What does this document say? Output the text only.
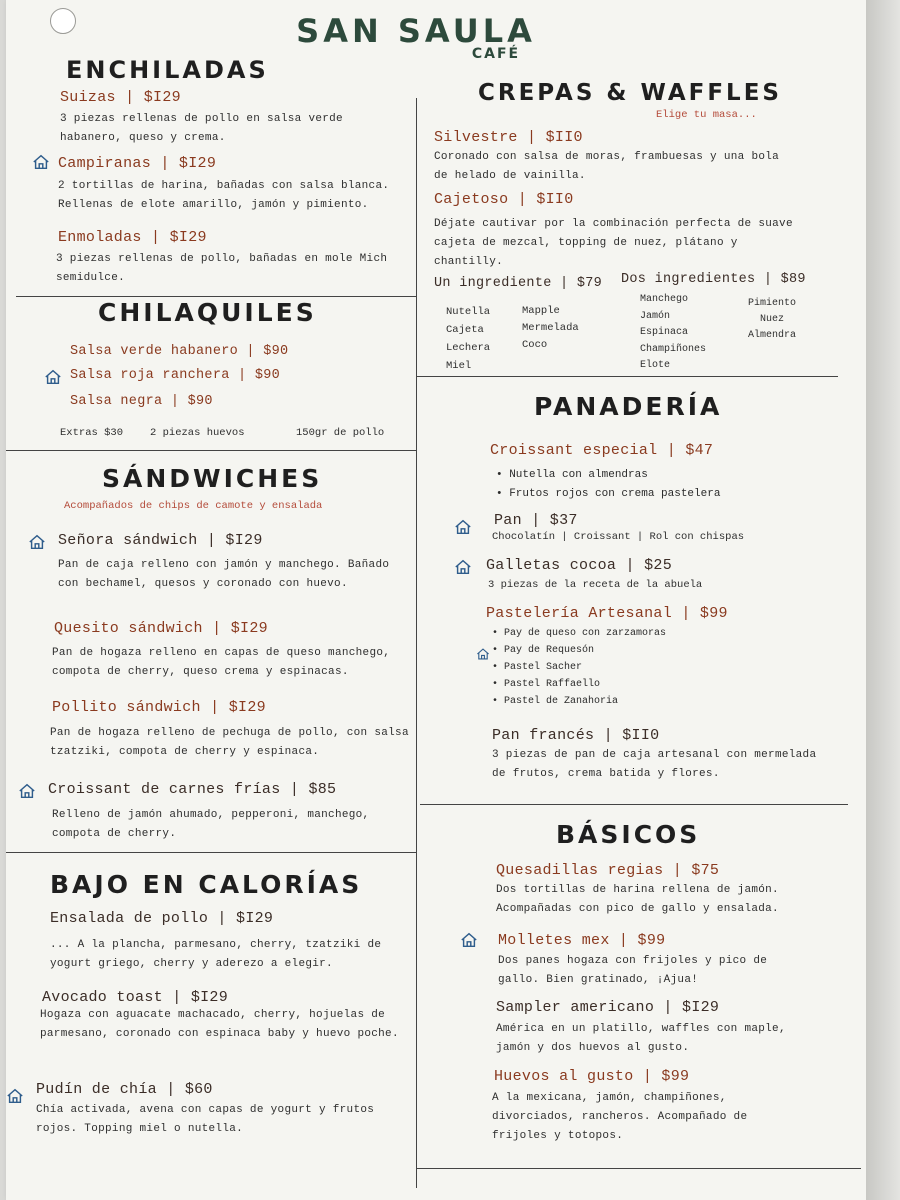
SAN SAULA
CAFÉ
ENCHILADAS
Suizas | $I29
3 piezas rellenas de pollo en salsa verde habanero, queso y crema.
Campiranas | $I29
2 tortillas de harina, bañadas con salsa blanca. Rellenas de elote amarillo, jamón y pimiento.
Enmoladas | $I29
3 piezas rellenas de pollo, bañadas en mole Mich semidulce.
CHILAQUILES
Salsa verde habanero | $90
Salsa roja ranchera | $90
Salsa negra | $90
Extras $30	2 piezas huevos	150gr de pollo
SÁNDWICHES
Acompañados de chips de camote y ensalada
Señora sándwich | $I29
Pan de caja relleno con jamón y manchego. Bañado con bechamel, quesos y coronado con huevo.
Quesito sándwich | $I29
Pan de hogaza relleno en capas de queso manchego, compota de cherry, queso crema y espinacas.
Pollito sándwich | $I29
Pan de hogaza relleno de pechuga de pollo, con salsa tzatziki, compota de cherry y espinaca.
Croissant de carnes frías | $85
Relleno de jamón ahumado, pepperoni, manchego, compota de cherry.
BAJO EN CALORÍAS
Ensalada de pollo | $I29
... A la plancha, parmesano, cherry, tzatziki de yogurt griego, cherry y aderezo a elegir.
Avocado toast | $I29
Hogaza con aguacate machacado, cherry, hojuelas de parmesano, coronado con espinaca baby y huevo poche.
Pudín de chía | $60
Chía activada, avena con capas de yogurt y frutos rojos. Topping miel o nutella.
CREPAS & WAFFLES
Elige tu masa...
Silvestre | $II0
Coronado con salsa de moras, frambuesas y una bola de helado de vainilla.
Cajetoso | $II0
Déjate cautivar por la combinación perfecta de suave cajeta de mezcal, topping de nuez, plátano y chantilly.
Un ingrediente | $79 Dos ingredientes | $89
Nutella
Cajeta
Lechera
Miel
Mapple
Mermelada
Coco
Manchego
Jamón
Espinaca
Champiñones
Elote
Pimiento
Nuez
Almendra
PANADERÍA
Croissant especial | $47
• Nutella con almendras
• Frutos rojos con crema pastelera
Pan | $37
Chocolatín | Croissant | Rol con chispas
Galletas cocoa | $25
3 piezas de la receta de la abuela
Pastelería Artesanal | $99
• Pay de queso con zarzamoras
• Pay de Requesón
• Pastel Sacher
• Pastel Raffaello
• Pastel de Zanahoria
Pan francés | $II0
3 piezas de pan de caja artesanal con mermelada de frutos, crema batida y flores.
BÁSICOS
Quesadillas regias | $75
Dos tortillas de harina rellena de jamón. Acompañadas con pico de gallo y ensalada.
Molletes mex | $99
Dos panes hogaza con frijoles y pico de gallo. Bien gratinado, ¡Ajua!
Sampler americano | $I29
América en un platillo, waffles con maple, jamón y dos huevos al gusto.
Huevos al gusto | $99
A la mexicana, jamón, champiñones, divorciados, rancheros. Acompañado de frijoles y totopos.
